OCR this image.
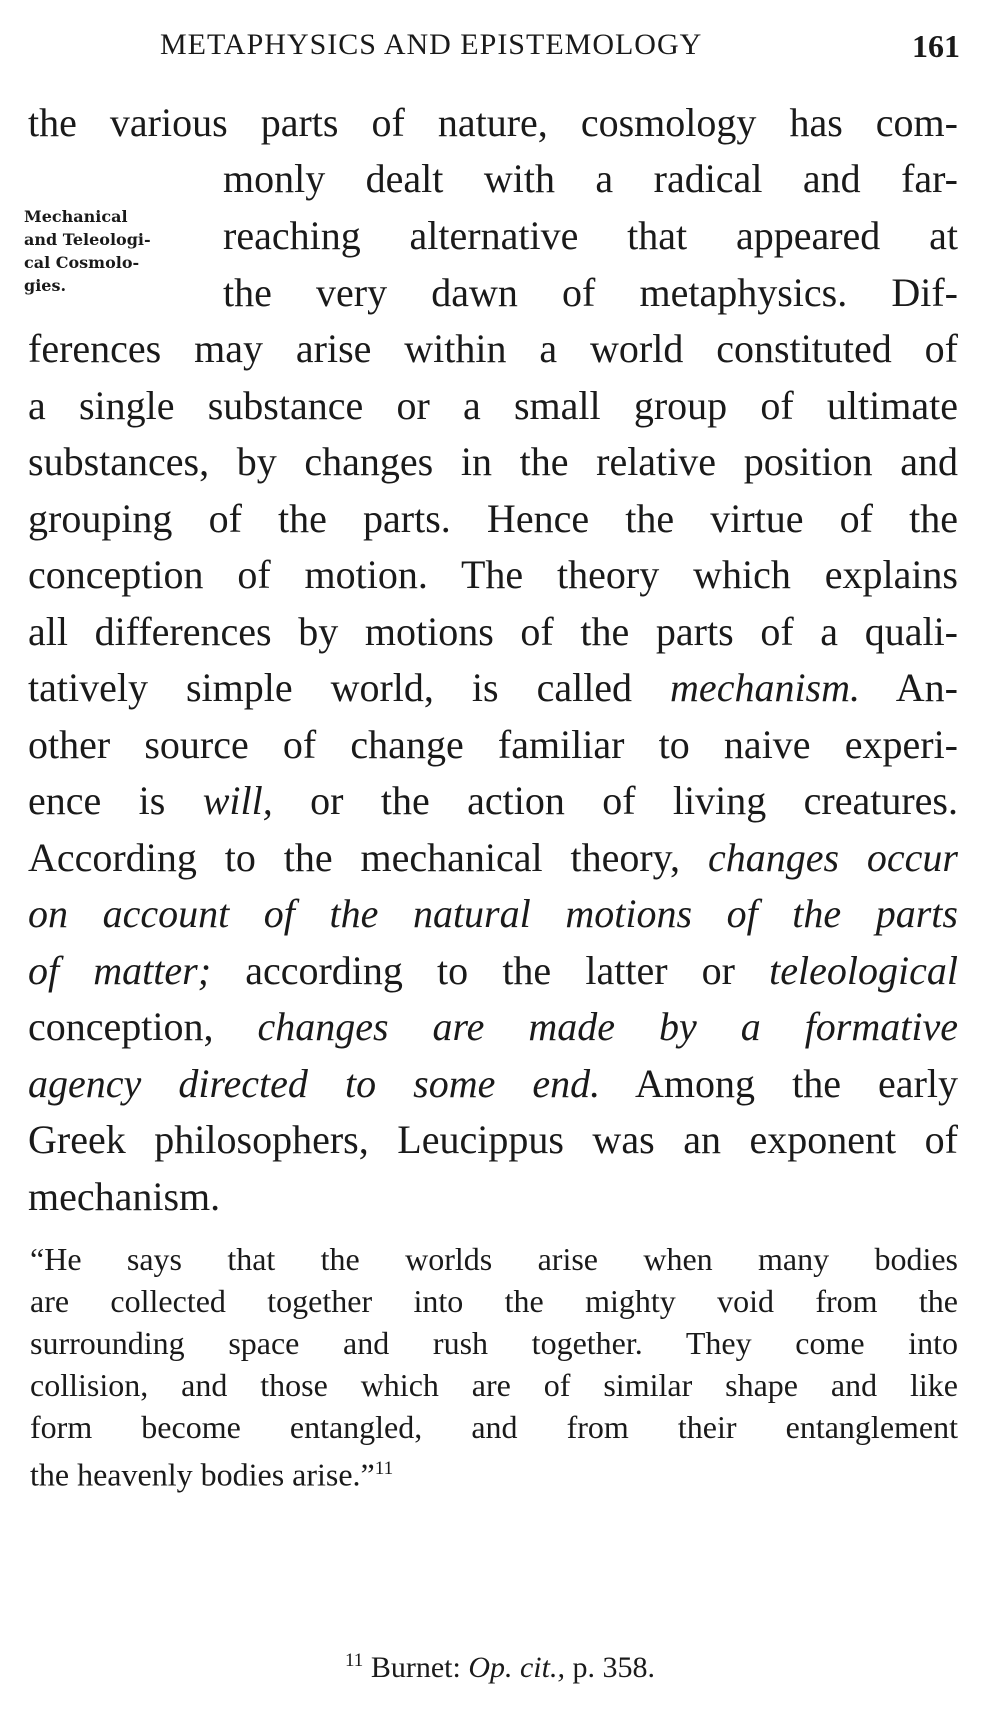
METAPHYSICS AND EPISTEMOLOGY	161
Mechanical
and Teleologi-
cal Cosmolo-
gies.
the various parts of nature, cosmology has com-
monly dealt with a radical and far-
reaching alternative that appeared at
the very dawn of metaphysics. Dif-
ferences may arise within a world constituted of
a single substance or a small group of ultimate
substances, by changes in the relative position and
grouping of the parts. Hence the virtue of the
conception of motion. The theory which explains
all differences by motions of the parts of a quali-
tatively simple world, is called mechanism. An-
other source of change familiar to naive experi-
ence is will, or the action of living creatures.
According to the mechanical theory, changes occur
on account of the natural motions of the parts
of matter; according to the latter or teleological
conception, changes are made by a formative
agency directed to some end. Among the early
Greek philosophers, Leucippus was an exponent of
mechanism.
“He says that the worlds arise when many bodies
are collected together into the mighty void from the
surrounding space and rush together. They come into
collision, and those which are of similar shape and like
form become entangled, and from their entanglement
the heavenly bodies arise.”$^{11}$
$^{11}$ Burnet: Op. cit., p. 358.
